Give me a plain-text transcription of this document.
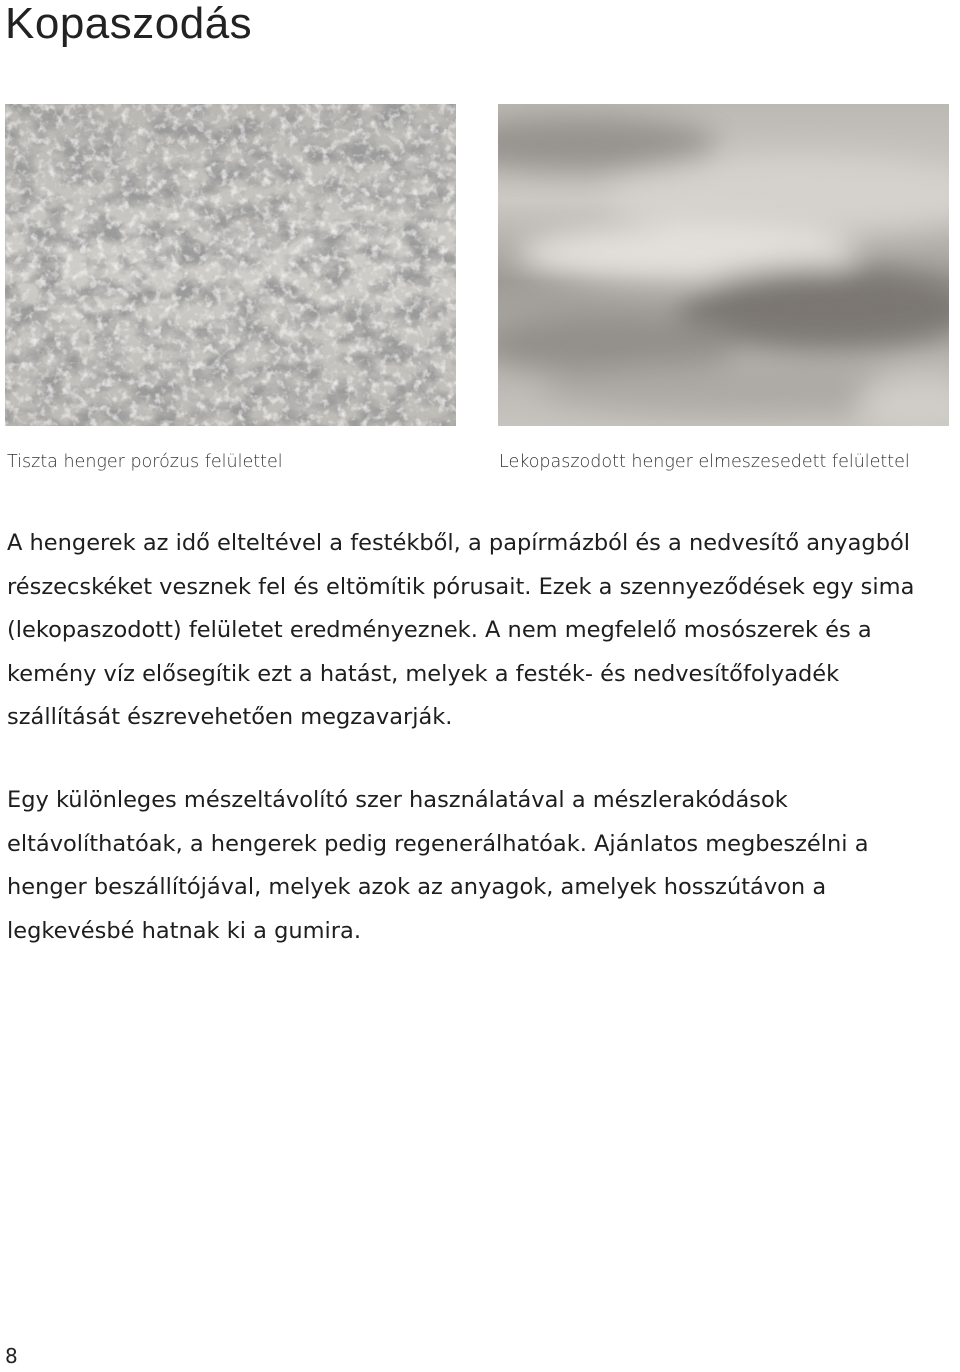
Kopaszodás

Tiszta henger porózus felülettel	Lekopaszodott henger elmeszesedett felülettel

A hengerek az idő elteltével a festékből, a papírmázból és a nedvesítő anyagból részecskéket vesznek fel és eltömítik pórusait. Ezek a szennyeződések egy sima (lekopaszodott) felületet eredményeznek. A nem megfelelő mosószerek és a kemény víz elősegítik ezt a hatást, melyek a festék- és nedvesítőfolyadék szállítását észrevehetően megzavarják.

Egy különleges mészeltávolító szer használatával a mészlerakódások eltávolíthatóak, a hengerek pedig regenerálhatóak. Ajánlatos megbeszélni a henger beszállítójával, melyek azok az anyagok, amelyek hosszútávon a legkevésbé hatnak ki a gumira.

8
